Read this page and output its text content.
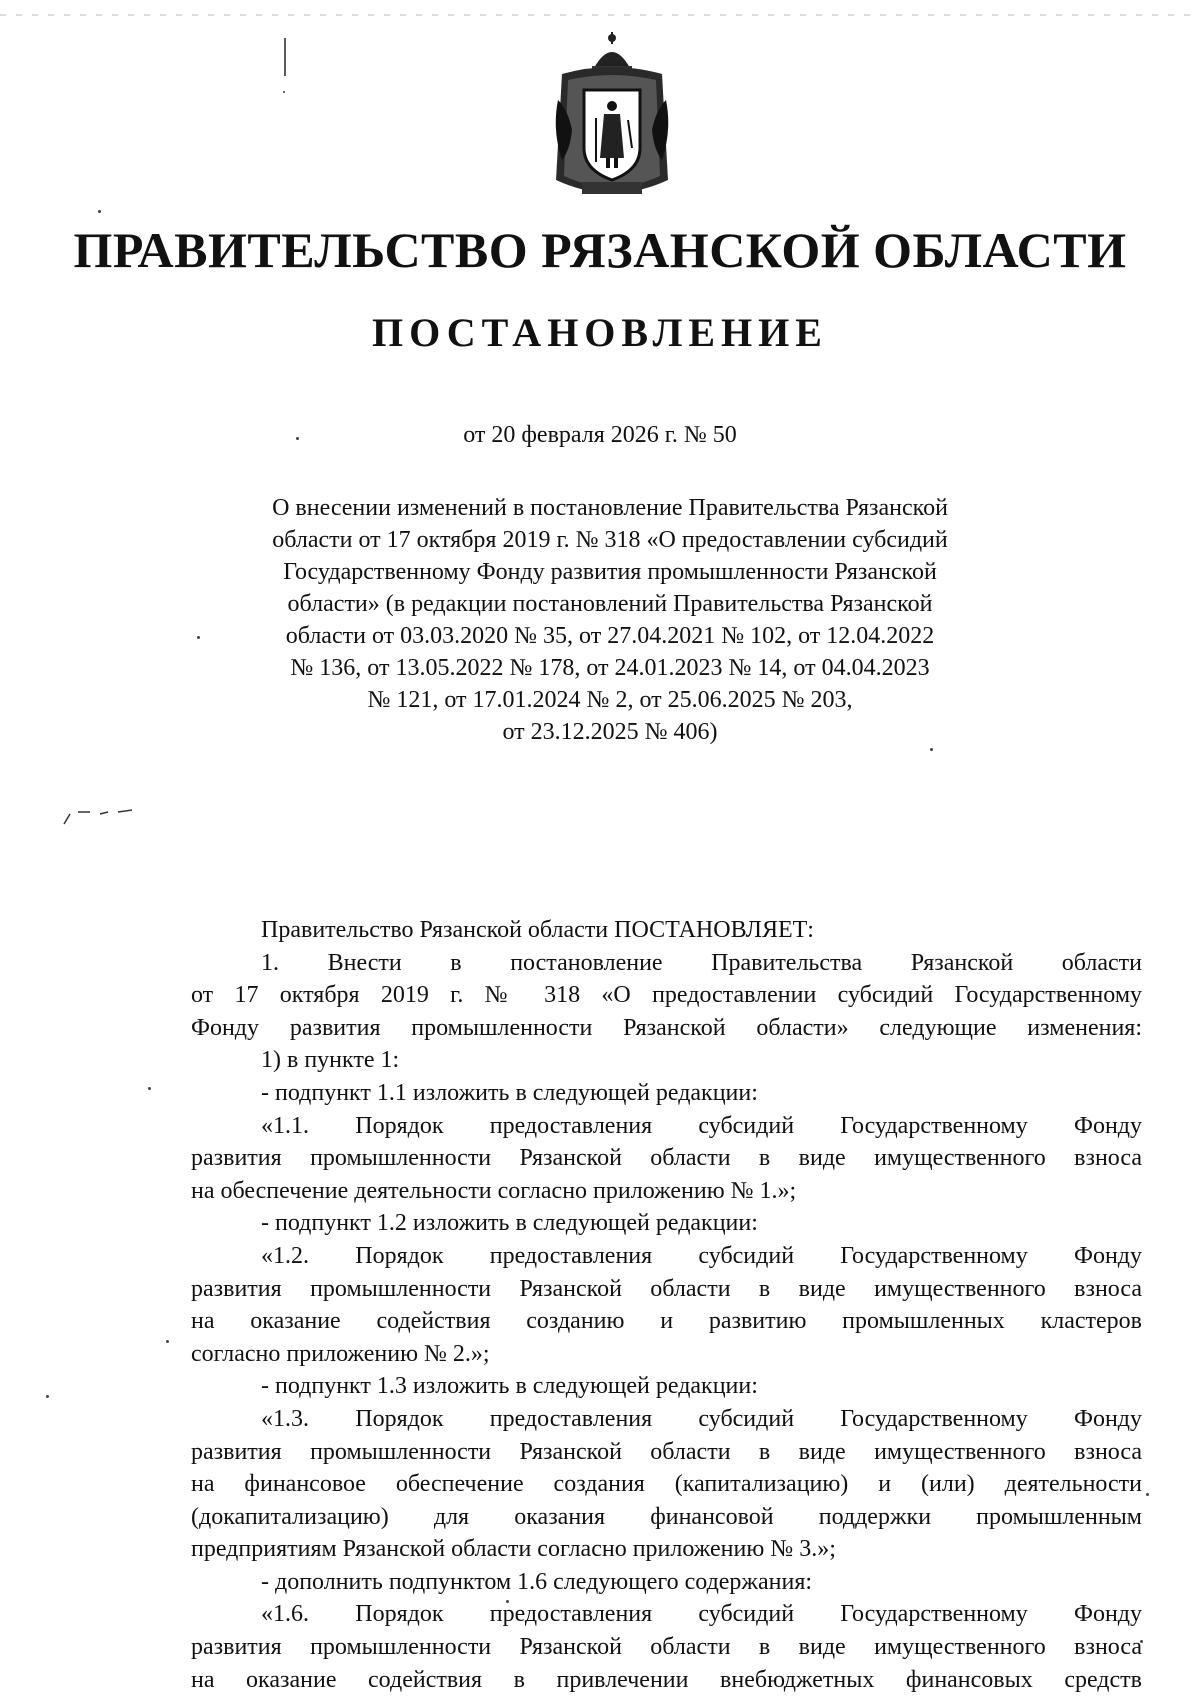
ПРАВИТЕЛЬСТВО РЯЗАНСКОЙ ОБЛАСТИ
ПОСТАНОВЛЕНИЕ
от 20 февраля 2026 г. № 50
О внесении изменений в постановление Правительства Рязанской
области от 17 октября 2019 г. № 318 «О предоставлении субсидий
Государственному Фонду развития промышленности Рязанской
области» (в редакции постановлений Правительства Рязанской
области от 03.03.2020 № 35, от 27.04.2021 № 102, от 12.04.2022
№ 136, от 13.05.2022 № 178, от 24.01.2023 № 14, от 04.04.2023
№ 121, от 17.01.2024 № 2, от 25.06.2025 № 203,
от 23.12.2025 № 406)
Правительство Рязанской области ПОСТАНОВЛЯЕТ:
1. Внести в постановление Правительства Рязанской области
от 17 октября 2019 г. № 318 «О предоставлении субсидий Государственному
Фонду развития промышленности Рязанской области» следующие изменения:
1) в пункте 1:
- подпункт 1.1 изложить в следующей редакции:
«1.1. Порядок предоставления субсидий Государственному Фонду
развития промышленности Рязанской области в виде имущественного взноса
на обеспечение деятельности согласно приложению № 1.»;
- подпункт 1.2 изложить в следующей редакции:
«1.2. Порядок предоставления субсидий Государственному Фонду
развития промышленности Рязанской области в виде имущественного взноса
на оказание содействия созданию и развитию промышленных кластеров
согласно приложению № 2.»;
- подпункт 1.3 изложить в следующей редакции:
«1.3. Порядок предоставления субсидий Государственному Фонду
развития промышленности Рязанской области в виде имущественного взноса
на финансовое обеспечение создания (капитализацию) и (или) деятельности
(докапитализацию) для оказания финансовой поддержки промышленным
предприятиям Рязанской области согласно приложению № 3.»;
- дополнить подпунктом 1.6 следующего содержания:
«1.6. Порядок предоставления субсидий Государственному Фонду
развития промышленности Рязанской области в виде имущественного взноса
на оказание содействия в привлечении внебюджетных финансовых средств
